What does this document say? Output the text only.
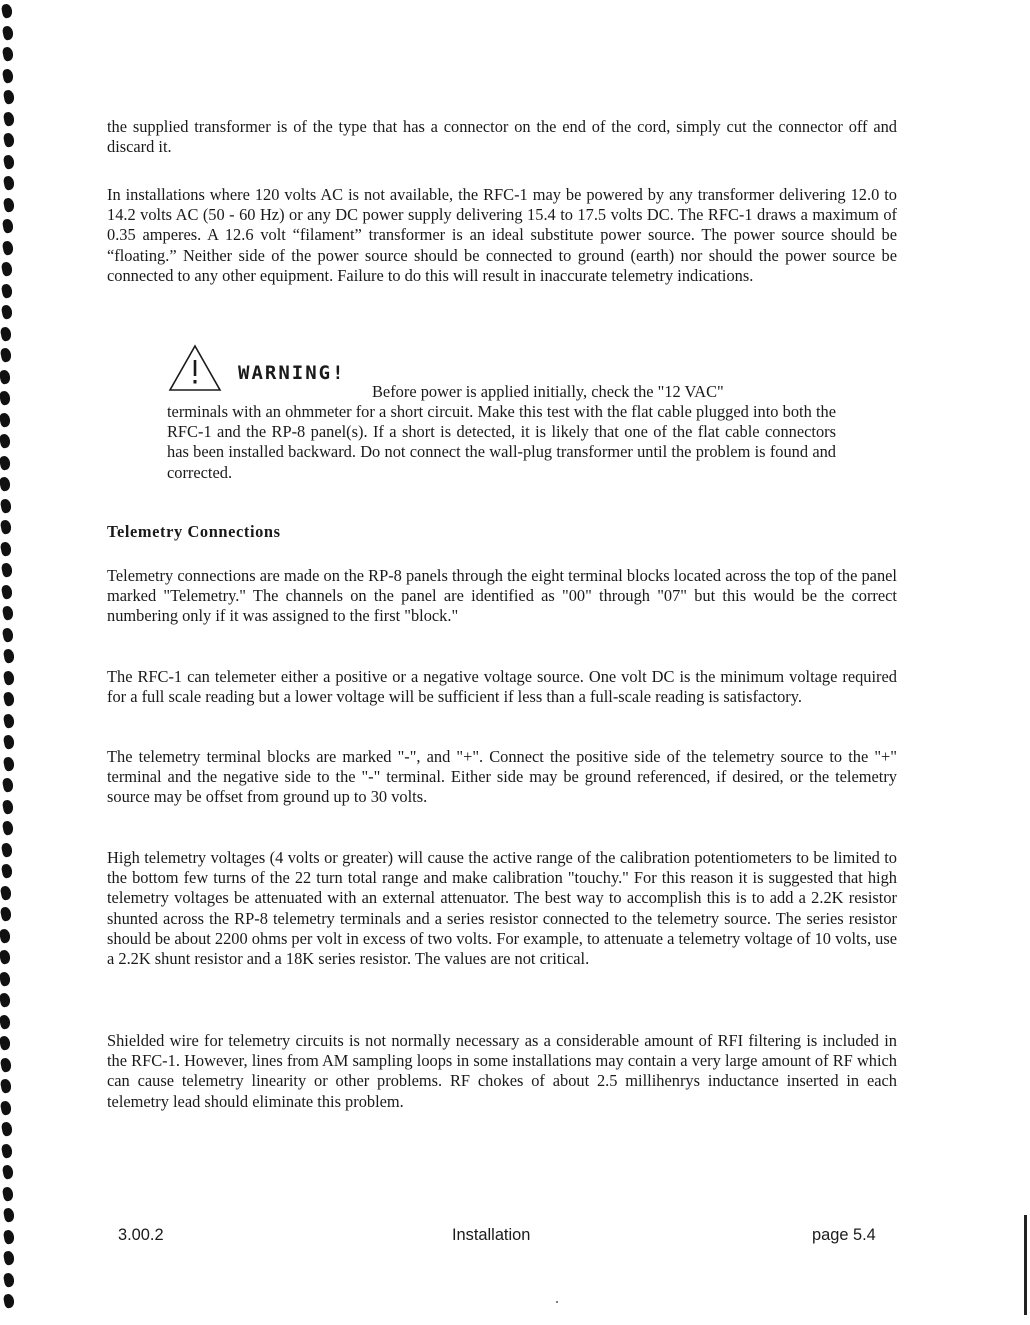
the supplied transformer is of the type that has a connector on the end of the cord, simply cut the connector off and discard it.

In installations where 120 volts AC is not available, the RFC-1 may be powered by any transformer delivering 12.0 to 14.2 volts AC (50 - 60 Hz) or any DC power supply delivering 15.4 to 17.5 volts DC. The RFC-1 draws a maximum of 0.35 amperes. A 12.6 volt “filament” transformer is an ideal substitute power source. The power source should be “floating.” Neither side of the power source should be connected to ground (earth) nor should the power source be connected to any other equipment. Failure to do this will result in inaccurate telemetry indications.

WARNING!

Before power is applied initially, check the "12 VAC"

terminals with an ohmmeter for a short circuit. Make this test with the flat cable plugged into both the RFC-1 and the RP-8 panel(s). If a short is detected, it is likely that one of the flat cable connectors has been installed backward. Do not connect the wall-plug transformer until the problem is found and corrected.

Telemetry Connections

Telemetry connections are made on the RP-8 panels through the eight terminal blocks located across the top of the panel marked "Telemetry." The channels on the panel are identified as "00" through "07" but this would be the correct numbering only if it was assigned to the first "block."

The RFC-1 can telemeter either a positive or a negative voltage source. One volt DC is the minimum voltage required for a full scale reading but a lower voltage will be sufficient if less than a full-scale reading is satisfactory.

The telemetry terminal blocks are marked "-", and "+". Connect the positive side of the telemetry source to the "+" terminal and the negative side to the "-" terminal. Either side may be ground referenced, if desired, or the telemetry source may be offset from ground up to 30 volts.

High telemetry voltages (4 volts or greater) will cause the active range of the calibration potentiometers to be limited to the bottom few turns of the 22 turn total range and make calibration "touchy." For this reason it is suggested that high telemetry voltages be attenuated with an external attenuator. The best way to accomplish this is to add a 2.2K resistor shunted across the RP-8 telemetry terminals and a series resistor connected to the telemetry source. The series resistor should be about 2200 ohms per volt in excess of two volts. For example, to attenuate a telemetry voltage of 10 volts, use a 2.2K shunt resistor and a 18K series resistor. The values are not critical.

Shielded wire for telemetry circuits is not normally necessary as a considerable amount of RFI filtering is included in the RFC-1. However, lines from AM sampling loops in some installations may contain a very large amount of RF which can cause telemetry linearity or other problems. RF chokes of about 2.5 millihenrys inductance inserted in each telemetry lead should eliminate this problem.

3.00.2	Installation	page 5.4
